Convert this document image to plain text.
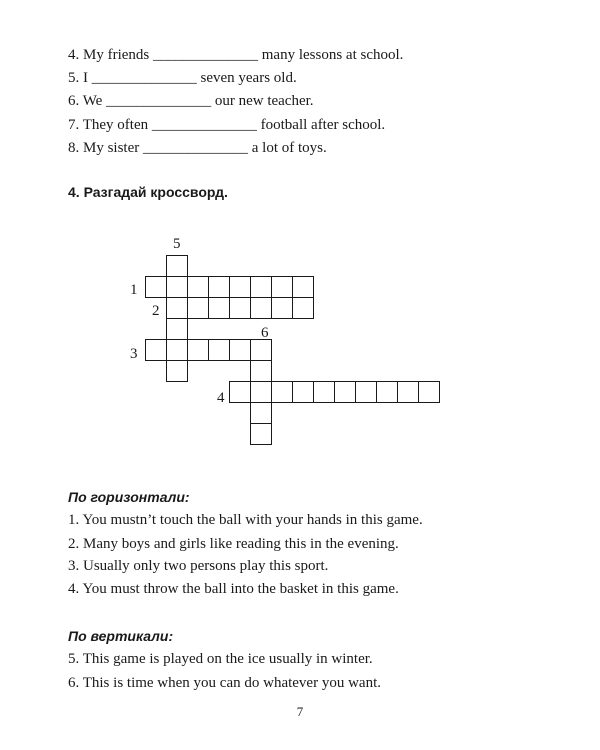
4. My friends ______________ many lessons at school.
5. I ______________ seven years old.
6. We ______________ our new teacher.
7. They often ______________ football after school.
8. My sister ______________ a lot of toys.
4. Разгадай кроссворд.
5
1
2
6
3
4
По горизонтали:
1. You mustn’t touch the ball with your hands in this game.
2. Many boys and girls like reading this in the evening.
3. Usually only two persons play this sport.
4. You must throw the ball into the basket in this game.
По вертикали:
5. This game is played on the ice usually in winter.
6. This is time when you can do whatever you want.
7
